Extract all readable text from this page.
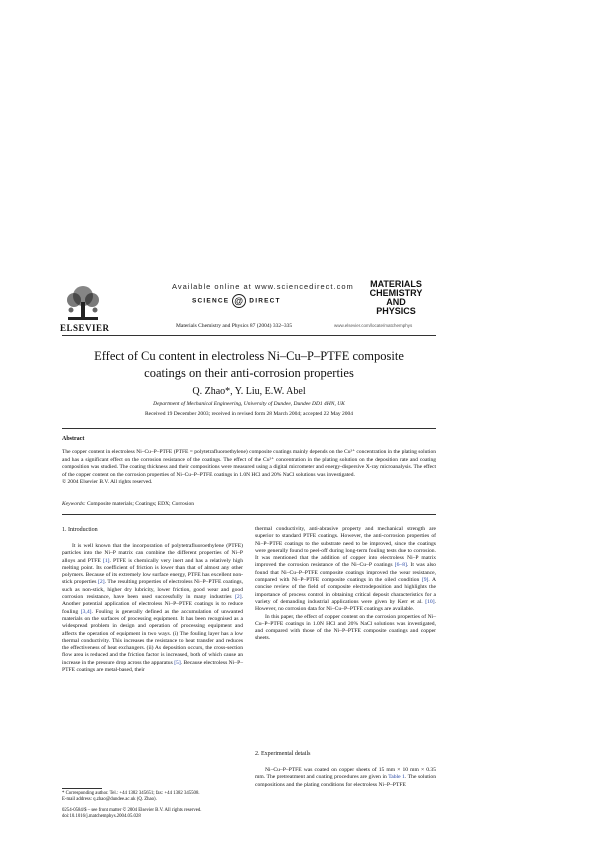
ELSEVIER
Available online at www.sciencedirect.com
SCIENCE @ DIRECT
Materials Chemistry and Physics 87 (2004) 332–335
MATERIALS
CHEMISTRY AND
PHYSICS
www.elsevier.com/locate/matchemphys
Effect of Cu content in electroless Ni–Cu–P–PTFE composite
coatings on their anti-corrosion properties
Q. Zhao*, Y. Liu, E.W. Abel
Department of Mechanical Engineering, University of Dundee, Dundee DD1 4HN, UK
Received 19 December 2003; received in revised form 28 March 2004; accepted 22 May 2004
Abstract
The copper content in electroless Ni–Cu–P–PTFE (PTFE = polytetrafluoroethylene) composite coatings mainly depends on the Cu²⁺ concentration in the plating solution and has a significant effect on the corrosion resistance of the coatings. The effect of the Cu²⁺ concentration in the plating solution on the deposition rate and coating composition was studied. The coating thickness and their compositions were measured using a digital micrometer and energy-dispersive X-ray microanalysis. The effect of the copper content on the corrosion properties of Ni–Cu–P–PTFE coatings in 1.0N HCl and 20% NaCl solutions was investigated.
© 2004 Elsevier B.V. All rights reserved.
Keywords: Composite materials; Coatings; EDX; Corrosion
1. Introduction

It is well known that the incorporation of polytetrafluoroethylene (PTFE) particles into the Ni–P matrix can combine the different properties of Ni–P alloys and PTFE [1]. PTFE is chemically very inert and has a relatively high melting point. Its coefficient of friction is lower than that of almost any other polymers. Because of its extremely low surface energy, PTFE has excellent non-stick properties [2]. The resulting properties of electroless Ni–P–PTFE coatings, such as non-stick, higher dry lubricity, lower friction, good wear and good corrosion resistance, have been used successfully in many industries [2]. Another potential application of electroless Ni–P–PTFE coatings is to reduce fouling [3,4]. Fouling is generally defined as the accumulation of unwanted materials on the surfaces of processing equipment. It has been recognised as a widespread problem in design and operation of processing equipment and affects the operation of equipment in two ways. (i) The fouling layer has a low thermal conductivity. This increases the resistance to heat transfer and reduces the effectiveness of heat exchangers. (ii) As deposition occurs, the cross-section flow area is reduced and the friction factor is increased, both of which cause an increase in the pressure drop across the apparatus [5]. Because electroless Ni–P–PTFE coatings are metal-based, their

* Corresponding author. Tel.: +44 1382 345651; fax: +44 1382 345508.
E-mail address: q.zhao@dundee.ac.uk (Q. Zhao).
0254-0584/$ – see front matter © 2004 Elsevier B.V. All rights reserved.
doi:10.1016/j.matchemphys.2004.05.028

thermal conductivity, anti-abrasive property and mechanical strength are superior to standard PTFE coatings. However, the anti-corrosion properties of Ni–P–PTFE coatings to the substrate need to be improved, since the coatings were generally found to peel-off during long-term fouling tests due to corrosion. It was mentioned that the addition of copper into electroless Ni–P matrix improved the corrosion resistance of the Ni–Cu–P coatings [6–8]. It was also found that Ni–Cu–P–PTFE composite coatings improved the wear resistance, compared with Ni–P–PTFE composite coatings in the oiled condition [9]. A concise review of the field of composite electrodeposition and highlights the importance of process control in obtaining critical deposit characteristics for a variety of demanding industrial applications were given by Kerr et al. [10]. However, no corrosion data for Ni–Cu–P–PTFE coatings are available.

In this paper, the effect of copper content on the corrosion properties of Ni–Cu–P–PTFE coatings in 1.0N HCl and 20% NaCl solutions was investigated, and compared with those of the Ni–P–PTFE composite coatings and copper sheets.

2. Experimental details

Ni–Cu–P–PTFE was coated on copper sheets of 15 mm × 10 mm × 0.35 mm. The pretreatment and coating procedures are given in Table 1. The solution compositions and the plating conditions for electroless Ni–P–PTFE
